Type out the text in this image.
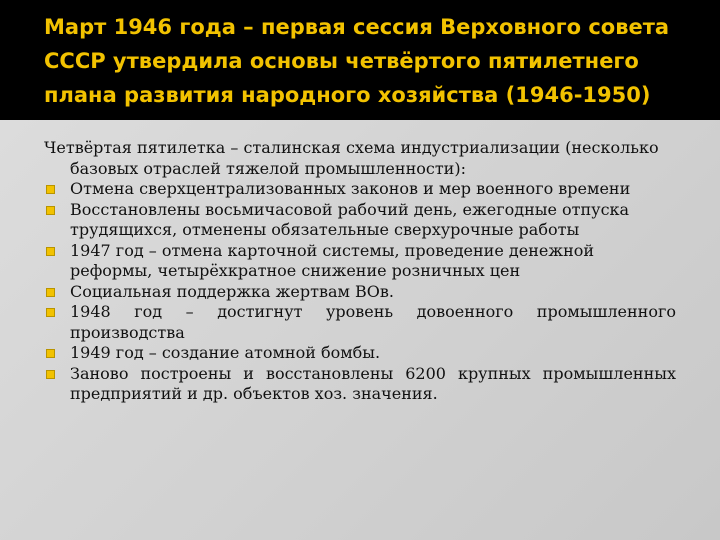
Март 1946 года – первая сессия Верховного совета
СССР утвердила основы четвёртого пятилетнего
плана развития народного хозяйства (1946-1950)

Четвёртая пятилетка – сталинская схема индустриализации (несколько базовых отраслей тяжелой промышленности):

Отмена сверхцентрализованных законов и мер военного времени
Восстановлены восьмичасовой рабочий день, ежегодные отпуска трудящихся, отменены обязательные сверхурочные работы
1947 год – отмена карточной системы, проведение денежной реформы, четырёхкратное снижение розничных цен
Социальная поддержка жертвам ВОв.
1948 год – достигнут уровень довоенного промышленного производства
1949 год – создание атомной бомбы.
Заново построены и восстановлены 6200 крупных промышленных предприятий и др. объектов хоз. значения.
